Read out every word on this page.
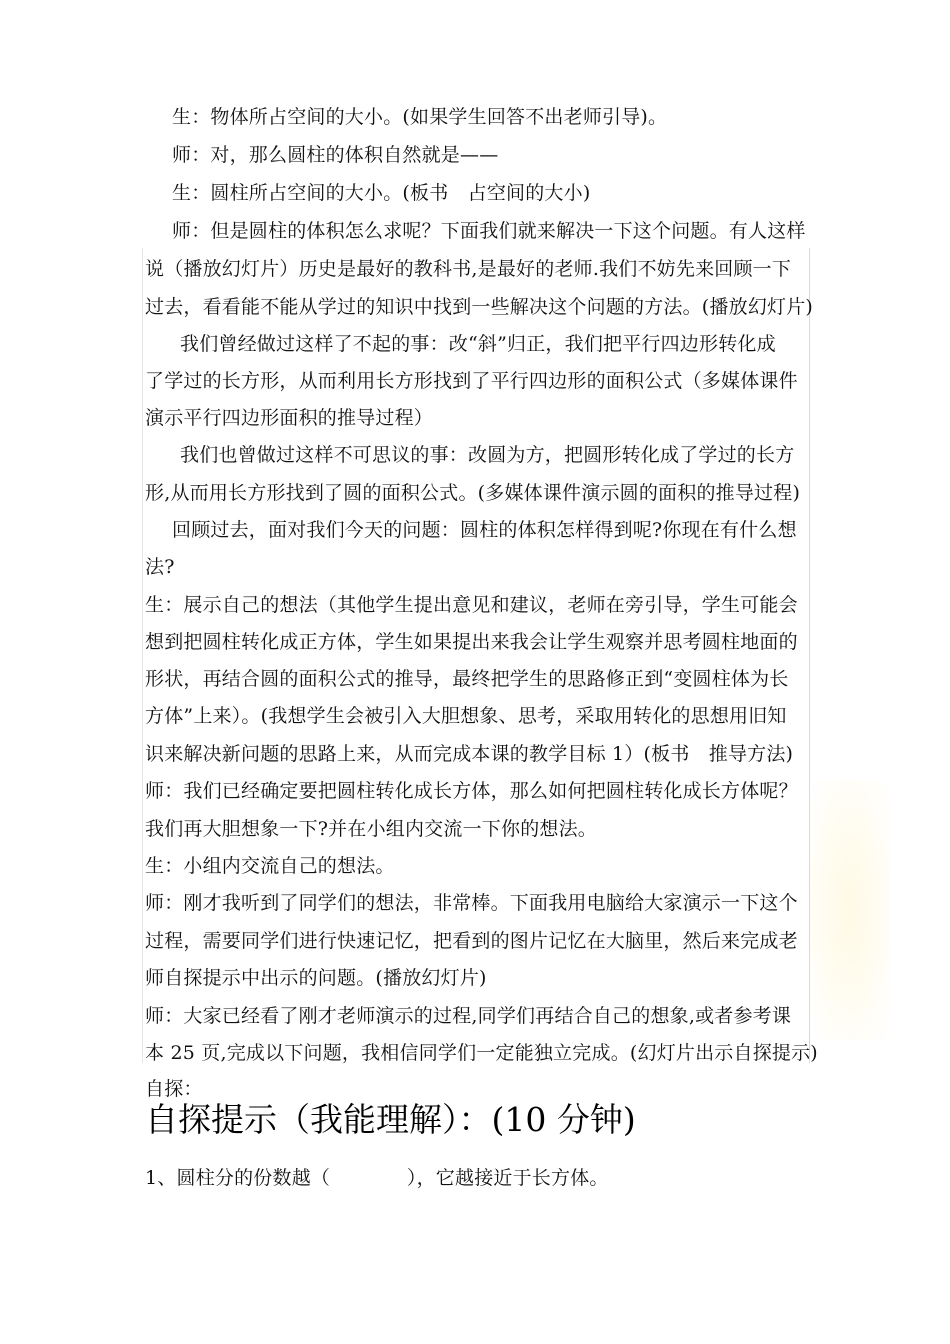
生：物体所占空间的大小。(如果学生回答不出老师引导)。
师：对，那么圆柱的体积自然就是——
生：圆柱所占空间的大小。(板书　占空间的大小)
师：但是圆柱的体积怎么求呢？下面我们就来解决一下这个问题。有人这样
说（播放幻灯片）历史是最好的教科书,是最好的老师.我们不妨先来回顾一下
过去，看看能不能从学过的知识中找到一些解决这个问题的方法。(播放幻灯片)
我们曾经做过这样了不起的事：改“斜”归正，我们把平行四边形转化成
了学过的长方形，从而利用长方形找到了平行四边形的面积公式（多媒体课件
演示平行四边形面积的推导过程）
我们也曾做过这样不可思议的事：改圆为方，把圆形转化成了学过的长方
形,从而用长方形找到了圆的面积公式。(多媒体课件演示圆的面积的推导过程)
回顾过去，面对我们今天的问题：圆柱的体积怎样得到呢?你现在有什么想
法?
生：展示自己的想法（其他学生提出意见和建议，老师在旁引导，学生可能会
想到把圆柱转化成正方体，学生如果提出来我会让学生观察并思考圆柱地面的
形状，再结合圆的面积公式的推导，最终把学生的思路修正到“变圆柱体为长
方体”上来）。(我想学生会被引入大胆想象、思考，采取用转化的思想用旧知
识来解决新问题的思路上来，从而完成本课的教学目标 1）(板书　推导方法)
师：我们已经确定要把圆柱转化成长方体，那么如何把圆柱转化成长方体呢？
我们再大胆想象一下?并在小组内交流一下你的想法。
生：小组内交流自己的想法。
师：刚才我听到了同学们的想法，非常棒。下面我用电脑给大家演示一下这个
过程，需要同学们进行快速记忆，把看到的图片记忆在大脑里，然后来完成老
师自探提示中出示的问题。(播放幻灯片)
师：大家已经看了刚才老师演示的过程,同学们再结合自己的想象,或者参考课
本 25 页,完成以下问题，我相信同学们一定能独立完成。(幻灯片出示自探提示)
自探：
自探提示（我能理解）：(10 分钟)
1、圆柱分的份数越（　　　　），它越接近于长方体。
